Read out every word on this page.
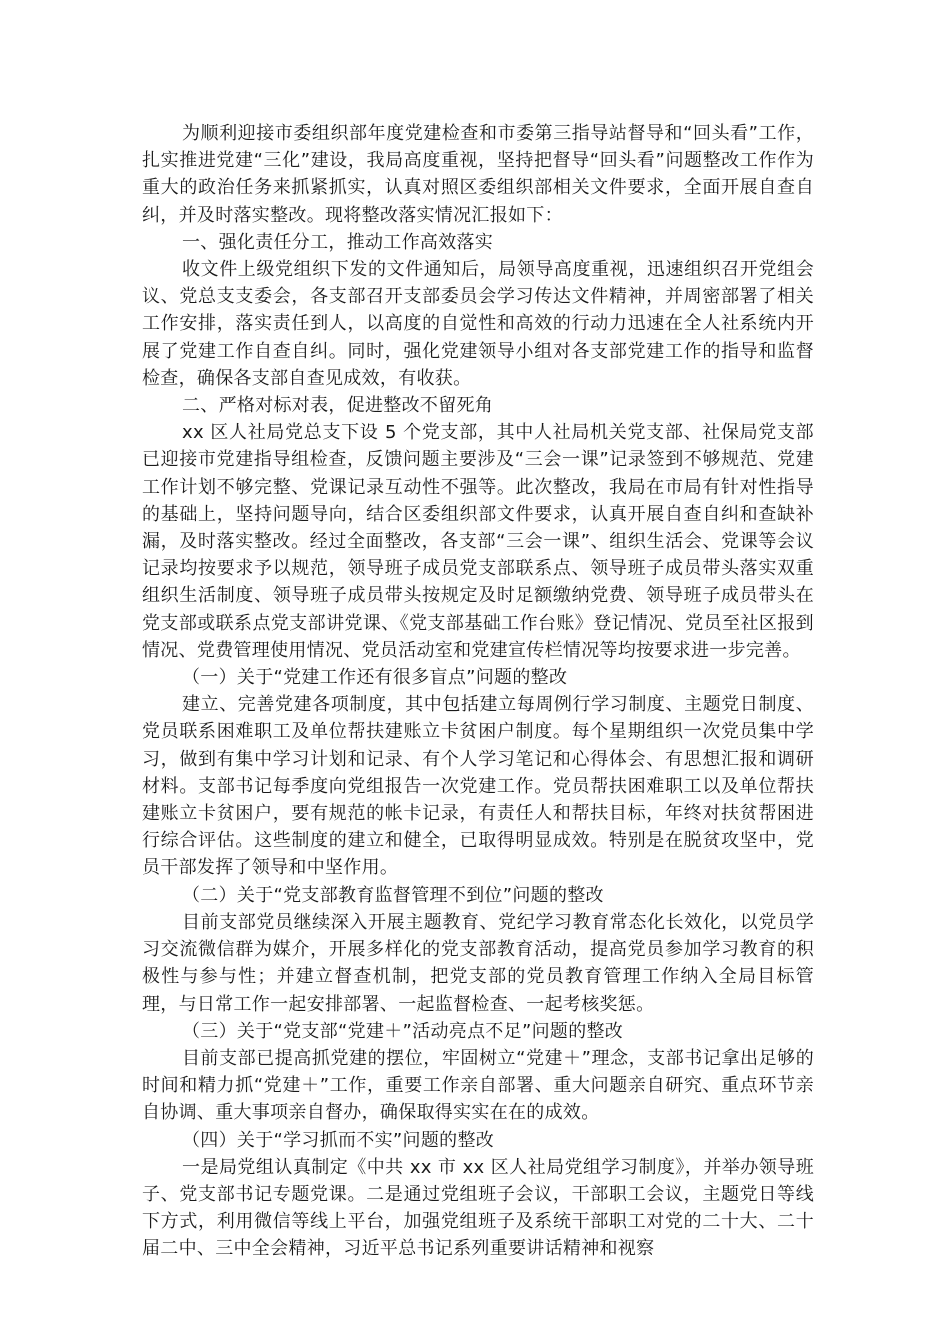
为顺利迎接市委组织部年度党建检查和市委第三指导站督导和“回头看”工作，扎实推进党建“三化”建设，我局高度重视，坚持把督导“回头看”问题整改工作作为重大的政治任务来抓紧抓实，认真对照区委组织部相关文件要求，全面开展自查自纠，并及时落实整改。现将整改落实情况汇报如下：

一、强化责任分工，推动工作高效落实

收文件上级党组织下发的文件通知后，局领导高度重视，迅速组织召开党组会议、党总支支委会，各支部召开支部委员会学习传达文件精神，并周密部署了相关工作安排，落实责任到人，以高度的自觉性和高效的行动力迅速在全人社系统内开展了党建工作自查自纠。同时，强化党建领导小组对各支部党建工作的指导和监督检查，确保各支部自查见成效，有收获。

二、严格对标对表，促进整改不留死角

xx 区人社局党总支下设 5 个党支部，其中人社局机关党支部、社保局党支部已迎接市党建指导组检查，反馈问题主要涉及“三会一课”记录签到不够规范、党建工作计划不够完整、党课记录互动性不强等。此次整改，我局在市局有针对性指导的基础上，坚持问题导向，结合区委组织部文件要求，认真开展自查自纠和查缺补漏，及时落实整改。经过全面整改，各支部“三会一课”、组织生活会、党课等会议记录均按要求予以规范，领导班子成员党支部联系点、领导班子成员带头落实双重组织生活制度、领导班子成员带头按规定及时足额缴纳党费、领导班子成员带头在党支部或联系点党支部讲党课、《党支部基础工作台账》登记情况、党员至社区报到情况、党费管理使用情况、党员活动室和党建宣传栏情况等均按要求进一步完善。

（一）关于“党建工作还有很多盲点”问题的整改

建立、完善党建各项制度，其中包括建立每周例行学习制度、主题党日制度、党员联系困难职工及单位帮扶建账立卡贫困户制度。每个星期组织一次党员集中学习，做到有集中学习计划和记录、有个人学习笔记和心得体会、有思想汇报和调研材料。支部书记每季度向党组报告一次党建工作。党员帮扶困难职工以及单位帮扶建账立卡贫困户，要有规范的帐卡记录，有责任人和帮扶目标，年终对扶贫帮困进行综合评估。这些制度的建立和健全，已取得明显成效。特别是在脱贫攻坚中，党员干部发挥了领导和中坚作用。

（二）关于“党支部教育监督管理不到位”问题的整改

目前支部党员继续深入开展主题教育、党纪学习教育常态化长效化，以党员学习交流微信群为媒介，开展多样化的党支部教育活动，提高党员参加学习教育的积极性与参与性；并建立督查机制，把党支部的党员教育管理工作纳入全局目标管理，与日常工作一起安排部署、一起监督检查、一起考核奖惩。

（三）关于“党支部“党建＋”活动亮点不足”问题的整改

目前支部已提高抓党建的摆位，牢固树立“党建＋”理念，支部书记拿出足够的时间和精力抓“党建＋”工作，重要工作亲自部署、重大问题亲自研究、重点环节亲自协调、重大事项亲自督办，确保取得实实在在的成效。

（四）关于“学习抓而不实”问题的整改

一是局党组认真制定《中共 xx 市 xx 区人社局党组学习制度》，并举办领导班子、党支部书记专题党课。二是通过党组班子会议，干部职工会议，主题党日等线下方式，利用微信等线上平台，加强党组班子及系统干部职工对党的二十大、二十届二中、三中全会精神，习近平总书记系列重要讲话精神和视察
